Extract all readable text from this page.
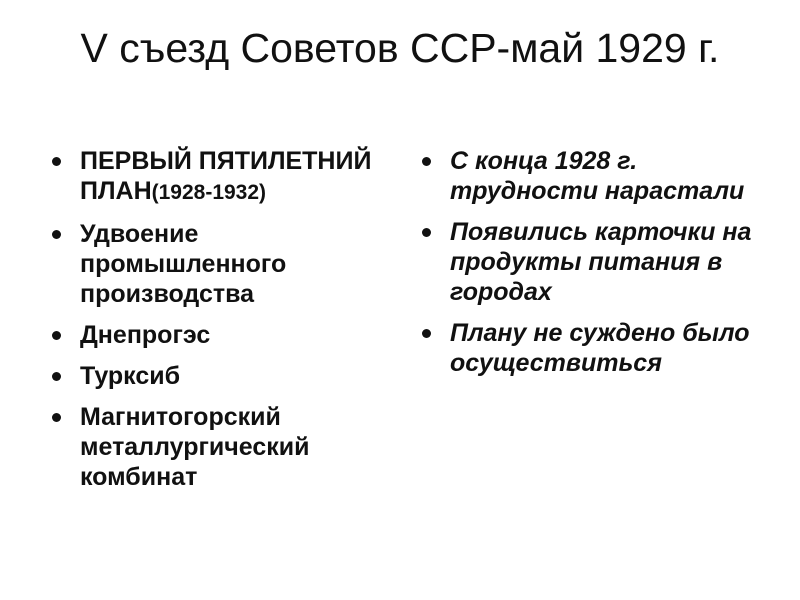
V съезд Советов ССР-май 1929 г.
ПЕРВЫЙ ПЯТИЛЕТНИЙ ПЛАН(1928-1932)
Удвоение промышленного производства
Днепрогэс
Турксиб
Магнитогорский металлургический комбинат
С конца 1928 г. трудности нарастали
Появились карточки на продукты питания в городах
Плану не суждено было осуществиться
